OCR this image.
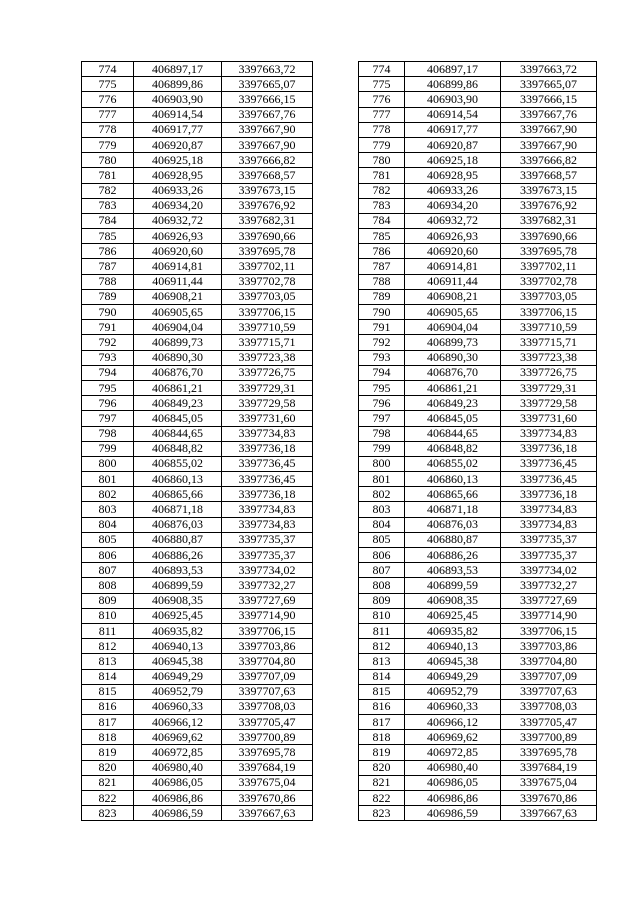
774	406897,17	3397663,72		774	406897,17	3397663,72
775	406899,86	3397665,07		775	406899,86	3397665,07
776	406903,90	3397666,15		776	406903,90	3397666,15
777	406914,54	3397667,76		777	406914,54	3397667,76
778	406917,77	3397667,90		778	406917,77	3397667,90
779	406920,87	3397667,90		779	406920,87	3397667,90
780	406925,18	3397666,82		780	406925,18	3397666,82
781	406928,95	3397668,57		781	406928,95	3397668,57
782	406933,26	3397673,15		782	406933,26	3397673,15
783	406934,20	3397676,92		783	406934,20	3397676,92
784	406932,72	3397682,31		784	406932,72	3397682,31
785	406926,93	3397690,66		785	406926,93	3397690,66
786	406920,60	3397695,78		786	406920,60	3397695,78
787	406914,81	3397702,11		787	406914,81	3397702,11
788	406911,44	3397702,78		788	406911,44	3397702,78
789	406908,21	3397703,05		789	406908,21	3397703,05
790	406905,65	3397706,15		790	406905,65	3397706,15
791	406904,04	3397710,59		791	406904,04	3397710,59
792	406899,73	3397715,71		792	406899,73	3397715,71
793	406890,30	3397723,38		793	406890,30	3397723,38
794	406876,70	3397726,75		794	406876,70	3397726,75
795	406861,21	3397729,31		795	406861,21	3397729,31
796	406849,23	3397729,58		796	406849,23	3397729,58
797	406845,05	3397731,60		797	406845,05	3397731,60
798	406844,65	3397734,83		798	406844,65	3397734,83
799	406848,82	3397736,18		799	406848,82	3397736,18
800	406855,02	3397736,45		800	406855,02	3397736,45
801	406860,13	3397736,45		801	406860,13	3397736,45
802	406865,66	3397736,18		802	406865,66	3397736,18
803	406871,18	3397734,83		803	406871,18	3397734,83
804	406876,03	3397734,83		804	406876,03	3397734,83
805	406880,87	3397735,37		805	406880,87	3397735,37
806	406886,26	3397735,37		806	406886,26	3397735,37
807	406893,53	3397734,02		807	406893,53	3397734,02
808	406899,59	3397732,27		808	406899,59	3397732,27
809	406908,35	3397727,69		809	406908,35	3397727,69
810	406925,45	3397714,90		810	406925,45	3397714,90
811	406935,82	3397706,15		811	406935,82	3397706,15
812	406940,13	3397703,86		812	406940,13	3397703,86
813	406945,38	3397704,80		813	406945,38	3397704,80
814	406949,29	3397707,09		814	406949,29	3397707,09
815	406952,79	3397707,63		815	406952,79	3397707,63
816	406960,33	3397708,03		816	406960,33	3397708,03
817	406966,12	3397705,47		817	406966,12	3397705,47
818	406969,62	3397700,89		818	406969,62	3397700,89
819	406972,85	3397695,78		819	406972,85	3397695,78
820	406980,40	3397684,19		820	406980,40	3397684,19
821	406986,05	3397675,04		821	406986,05	3397675,04
822	406986,86	3397670,86		822	406986,86	3397670,86
823	406986,59	3397667,63		823	406986,59	3397667,63
